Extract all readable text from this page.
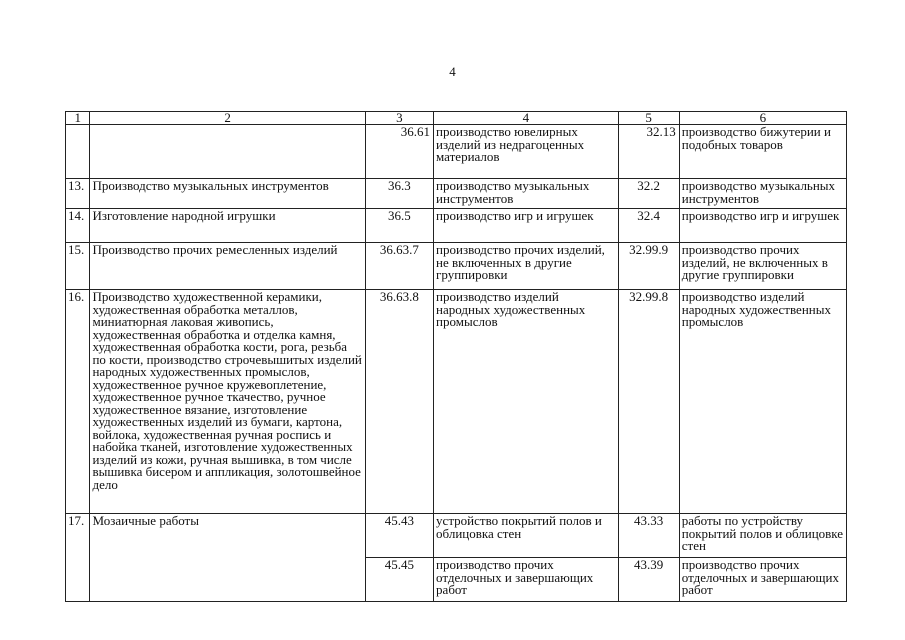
4
1	2	3	4	5	6
		36.61	производство ювелирных изделий из недрагоценных материалов	32.13	производство бижутерии и подобных товаров
13.	Производство музыкальных инструментов	36.3	производство музыкальных инструментов	32.2	производство музыкальных инструментов
14.	Изготовление народной игрушки	36.5	производство игр и игрушек	32.4	производство игр и игрушек
15.	Производство прочих ремесленных изделий	36.63.7	производство прочих изделий, не включенных в другие группировки	32.99.9	производство прочих изделий, не включенных в другие группировки
16.	Производство художественной керамики, художественная обработка металлов, миниатюрная лаковая живопись, художественная обработка и отделка камня, художественная обработка кости, рога, резьба по кости, производство строчевышитых изделий народных художественных промыслов, художественное ручное кружевоплетение, художественное ручное ткачество, ручное художественное вязание, изготовление художественных изделий из бумаги, картона, войлока, художественная ручная роспись и набойка тканей, изготовление художественных изделий из кожи, ручная вышивка, в том числе вышивка бисером и аппликация, золотошвейное дело	36.63.8	производство изделий народных художественных промыслов	32.99.8	производство изделий народных художественных промыслов
17.	Мозаичные работы	45.43	устройство покрытий полов и облицовка стен	43.33	работы по устройству покрытий полов и облицовке стен
		45.45	производство прочих отделочных и завершающих работ	43.39	производство прочих отделочных и завершающих работ
